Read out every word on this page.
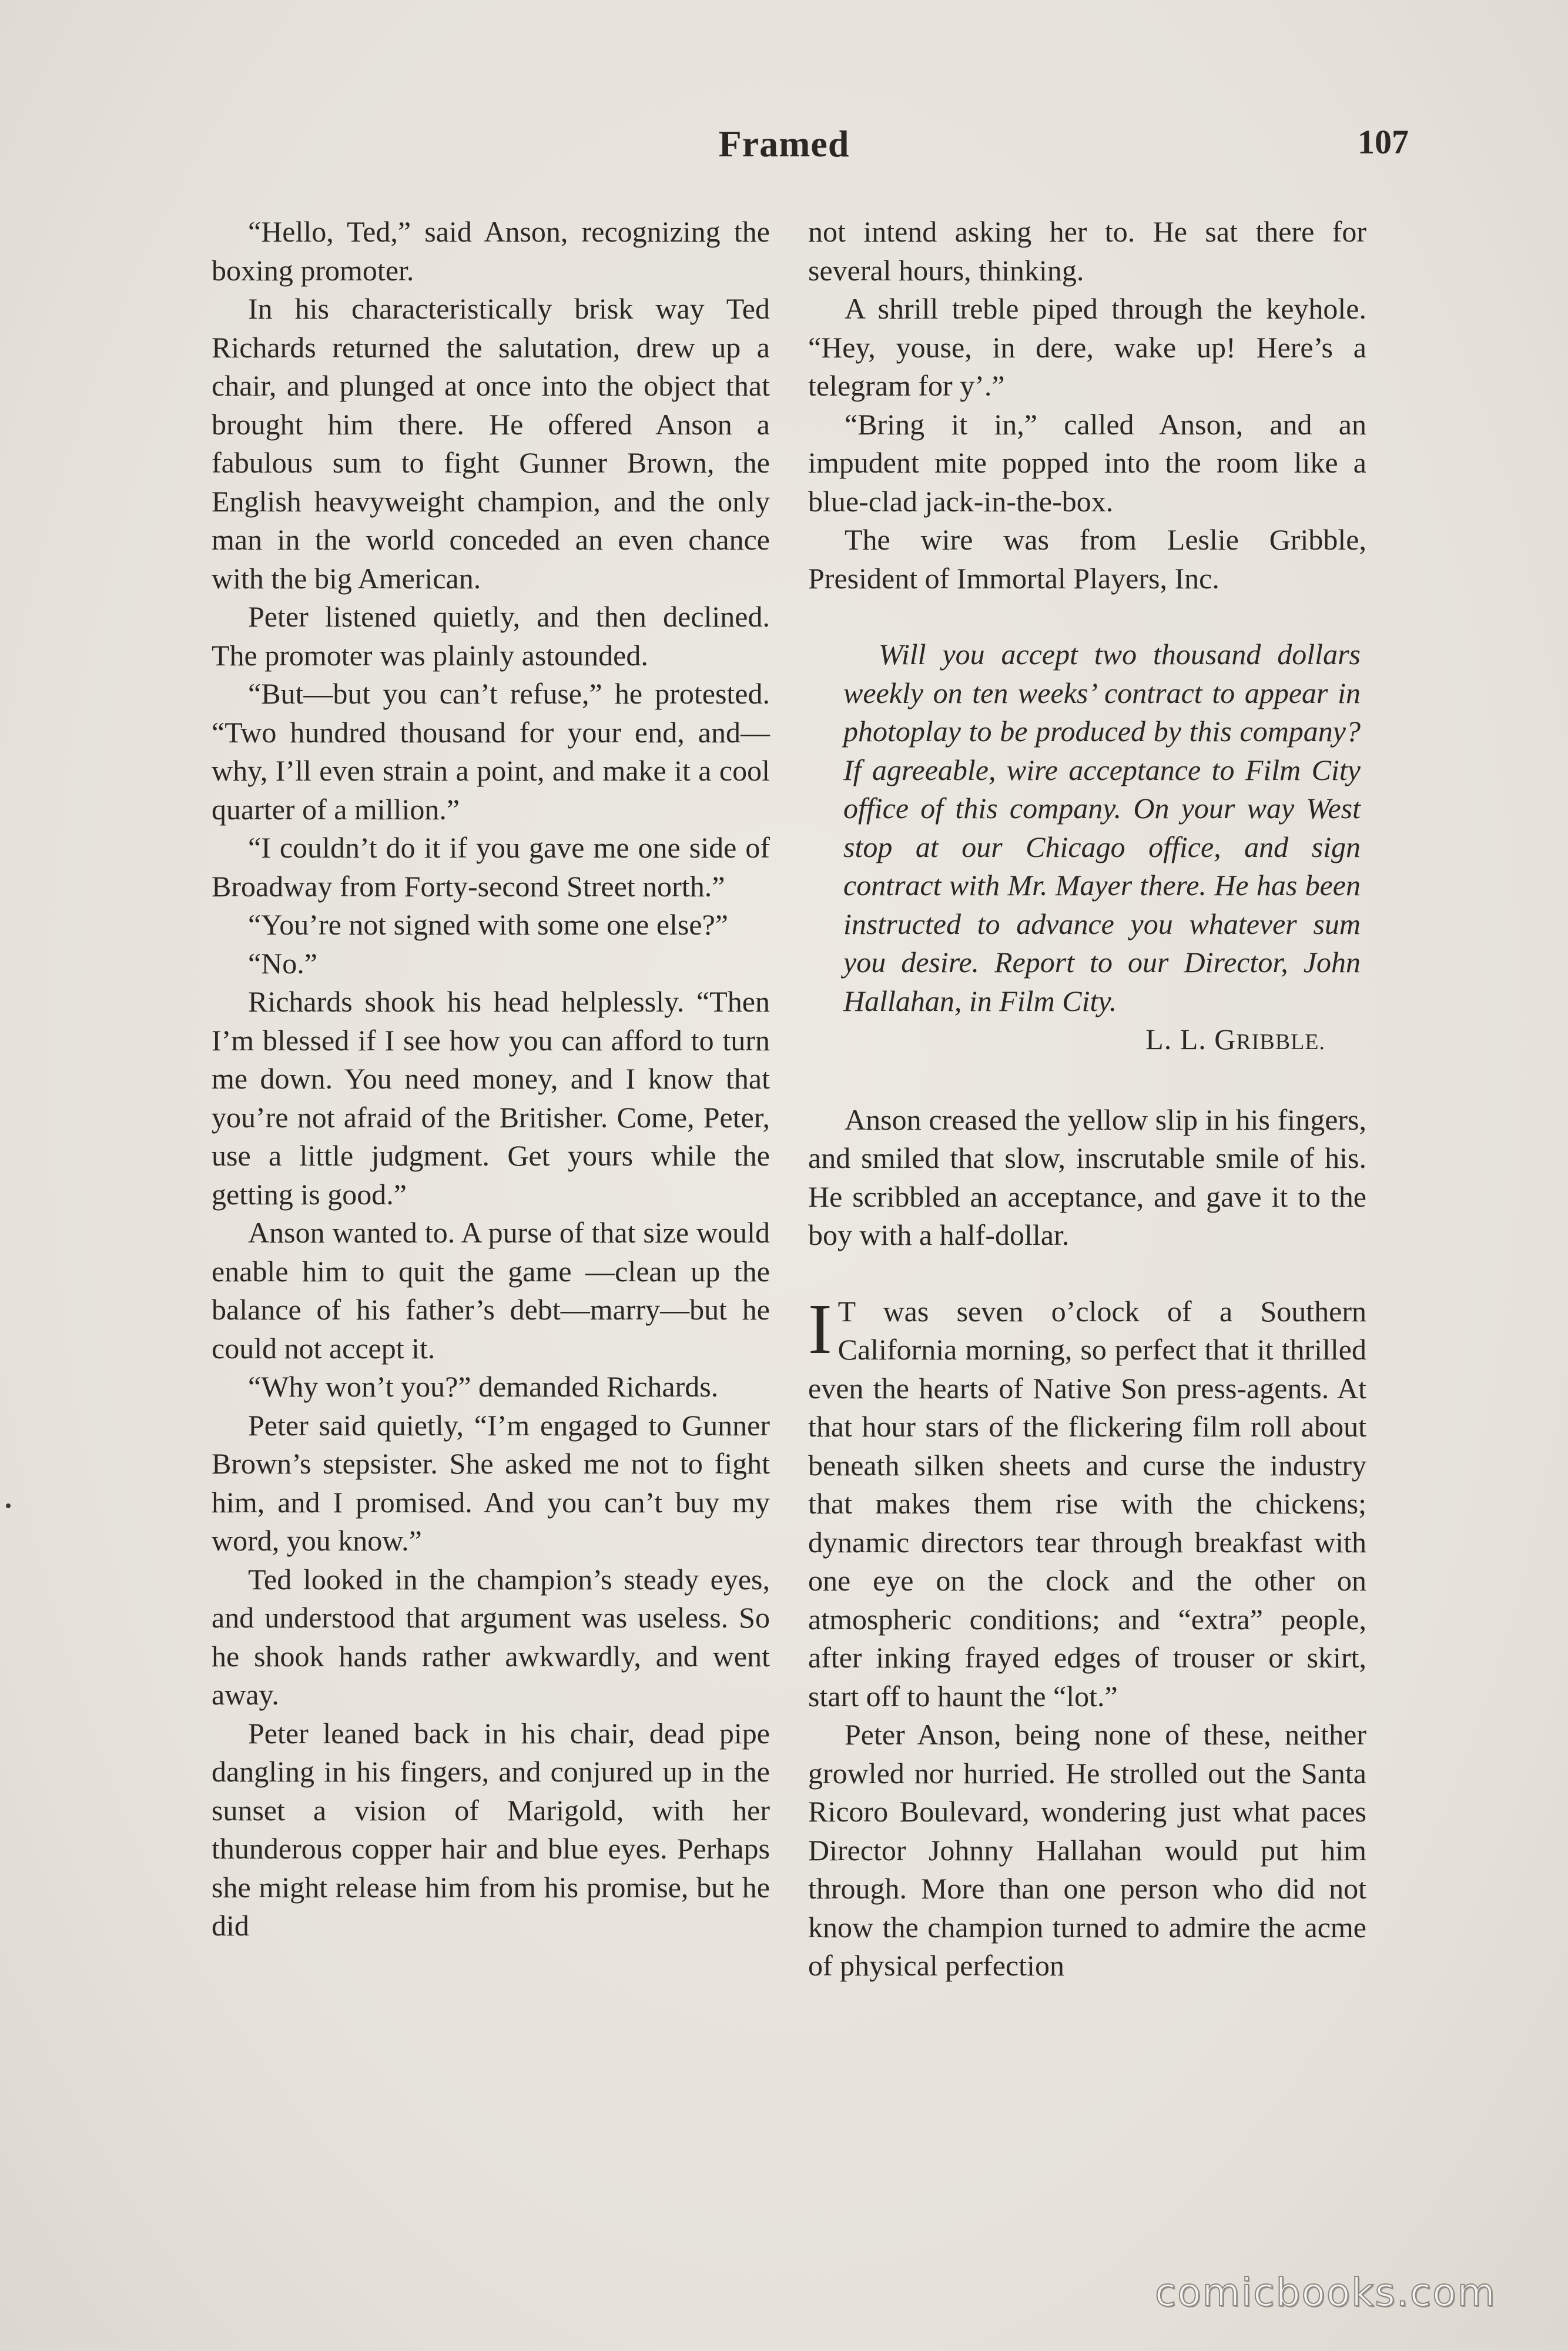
Framed	107

“Hello, Ted,” said Anson, recognizing the boxing promoter.

In his characteristically brisk way Ted Richards returned the salutation, drew up a chair, and plunged at once into the object that brought him there. He offered Anson a fabulous sum to fight Gunner Brown, the English heavyweight champion, and the only man in the world conceded an even chance with the big American.

Peter listened quietly, and then declined. The promoter was plainly astounded.

“But—but you can’t refuse,” he protested. “Two hundred thousand for your end, and—why, I’ll even strain a point, and make it a cool quarter of a million.”

“I couldn’t do it if you gave me one side of Broadway from Forty-second Street north.”

“You’re not signed with some one else?”

“No.”

Richards shook his head helplessly. “Then I’m blessed if I see how you can afford to turn me down. You need money, and I know that you’re not afraid of the Britisher. Come, Peter, use a little judgment. Get yours while the getting is good.”

Anson wanted to. A purse of that size would enable him to quit the game —clean up the balance of his father’s debt—marry—but he could not accept it.

“Why won’t you?” demanded Richards.

Peter said quietly, “I’m engaged to Gunner Brown’s stepsister. She asked me not to fight him, and I promised. And you can’t buy my word, you know.”

Ted looked in the champion’s steady eyes, and understood that argument was useless. So he shook hands rather awkwardly, and went away.

Peter leaned back in his chair, dead pipe dangling in his fingers, and conjured up in the sunset a vision of Marigold, with her thunderous copper hair and blue eyes. Perhaps she might release him from his promise, but he did

not intend asking her to. He sat there for several hours, thinking.

A shrill treble piped through the keyhole. “Hey, youse, in dere, wake up! Here’s a telegram for y’.”

“Bring it in,” called Anson, and an impudent mite popped into the room like a blue-clad jack-in-the-box.

The wire was from Leslie Gribble, President of Immortal Players, Inc.

Will you accept two thousand dollars weekly on ten weeks’ contract to appear in photoplay to be produced by this company? If agreeable, wire acceptance to Film City office of this company. On your way West stop at our Chicago office, and sign contract with Mr. Mayer there. He has been instructed to advance you whatever sum you desire. Report to our Director, John Hallahan, in Film City.

L. L. GRIBBLE.

Anson creased the yellow slip in his fingers, and smiled that slow, inscrutable smile of his. He scribbled an acceptance, and gave it to the boy with a half-dollar.

I T was seven o’clock of a Southern California morning, so perfect that it thrilled even the hearts of Native Son press-agents. At that hour stars of the flickering film roll about beneath silken sheets and curse the industry that makes them rise with the chickens; dynamic directors tear through breakfast with one eye on the clock and the other on atmospheric conditions; and “extra” people, after inking frayed edges of trouser or skirt, start off to haunt the “lot.”

Peter Anson, being none of these, neither growled nor hurried. He strolled out the Santa Ricoro Boulevard, wondering just what paces Director Johnny Hallahan would put him through. More than one person who did not know the champion turned to admire the acme of physical perfection

comicbooks.com
